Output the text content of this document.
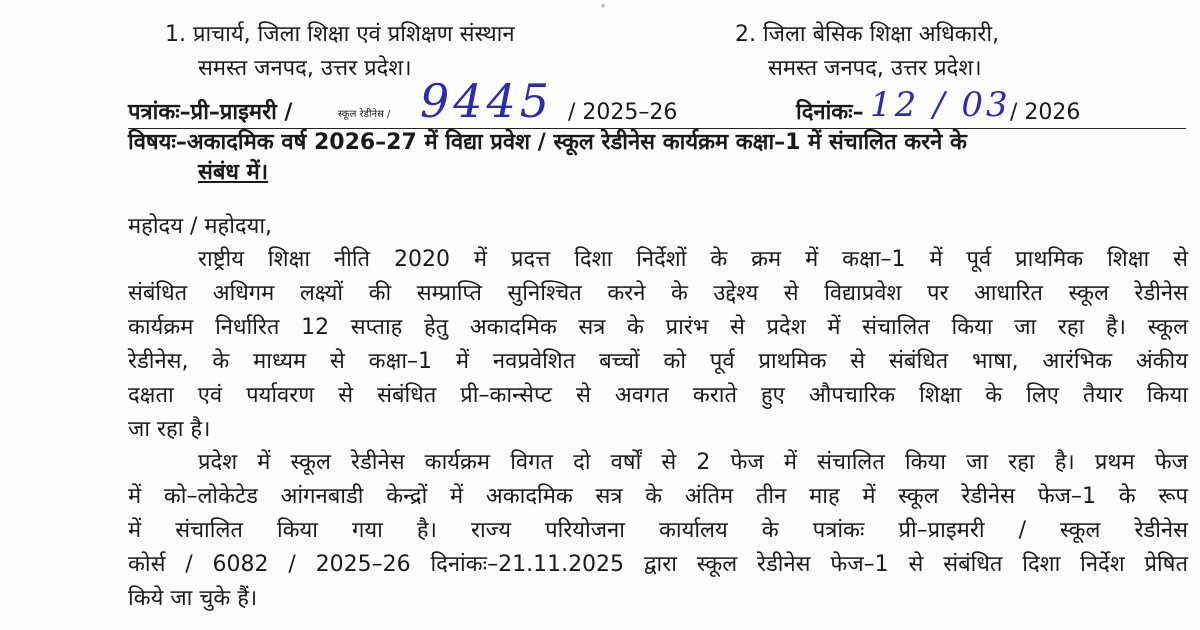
˚
1. प्राचार्य, जिला शिक्षा एवं प्रशिक्षण संस्थान
समस्त जनपद, उत्तर प्रदेश।
2. जिला बेसिक शिक्षा अधिकारी,
समस्त जनपद, उत्तर प्रदेश।
पत्रांकः–प्री–प्राइमरी /	स्कूल रेडीनेस / 9445 / 2025–26	दिनांकः– 12 / 03 / 2026
विषयः–अकादमिक वर्ष 2026–27 में विद्या प्रवेश / स्कूल रेडीनेस कार्यक्रम कक्षा–1 में संचालित करने के
संबंध में।
महोदय / महोदया,
राष्ट्रीय शिक्षा नीति 2020 में प्रदत्त दिशा निर्देशों के क्रम में कक्षा–1 में पूर्व प्राथमिक शिक्षा से
संबंधित अधिगम लक्ष्यों की सम्प्राप्ति सुनिश्चित करने के उद्देश्य से विद्याप्रवेश पर आधारित स्कूल रेडीनेस
कार्यक्रम निर्धारित 12 सप्ताह हेतु अकादमिक सत्र के प्रारंभ से प्रदेश में संचालित किया जा रहा है। स्कूल
रेडीनेस, के माध्यम से कक्षा–1 में नवप्रवेशित बच्चों को पूर्व प्राथमिक से संबंधित भाषा, आरंभिक अंकीय
दक्षता एवं पर्यावरण से संबंधित प्री–कान्सेप्ट से अवगत कराते हुए औपचारिक शिक्षा के लिए तैयार किया
जा रहा है।
प्रदेश में स्कूल रेडीनेस कार्यक्रम विगत दो वर्षों से 2 फेज में संचालित किया जा रहा है। प्रथम फेज
में को–लोकेटेड आंगनबाडी केन्द्रों में अकादमिक सत्र के अंतिम तीन माह में स्कूल रेडीनेस फेज–1 के रूप
में संचालित किया गया है। राज्य परियोजना कार्यालय के पत्रांकः प्री–प्राइमरी / स्कूल रेडीनेस
कोर्स / 6082 / 2025–26 दिनांकः–21.11.2025 द्वारा स्कूल रेडीनेस फेज–1 से संबंधित दिशा निर्देश प्रेषित
किये जा चुके हैं।
